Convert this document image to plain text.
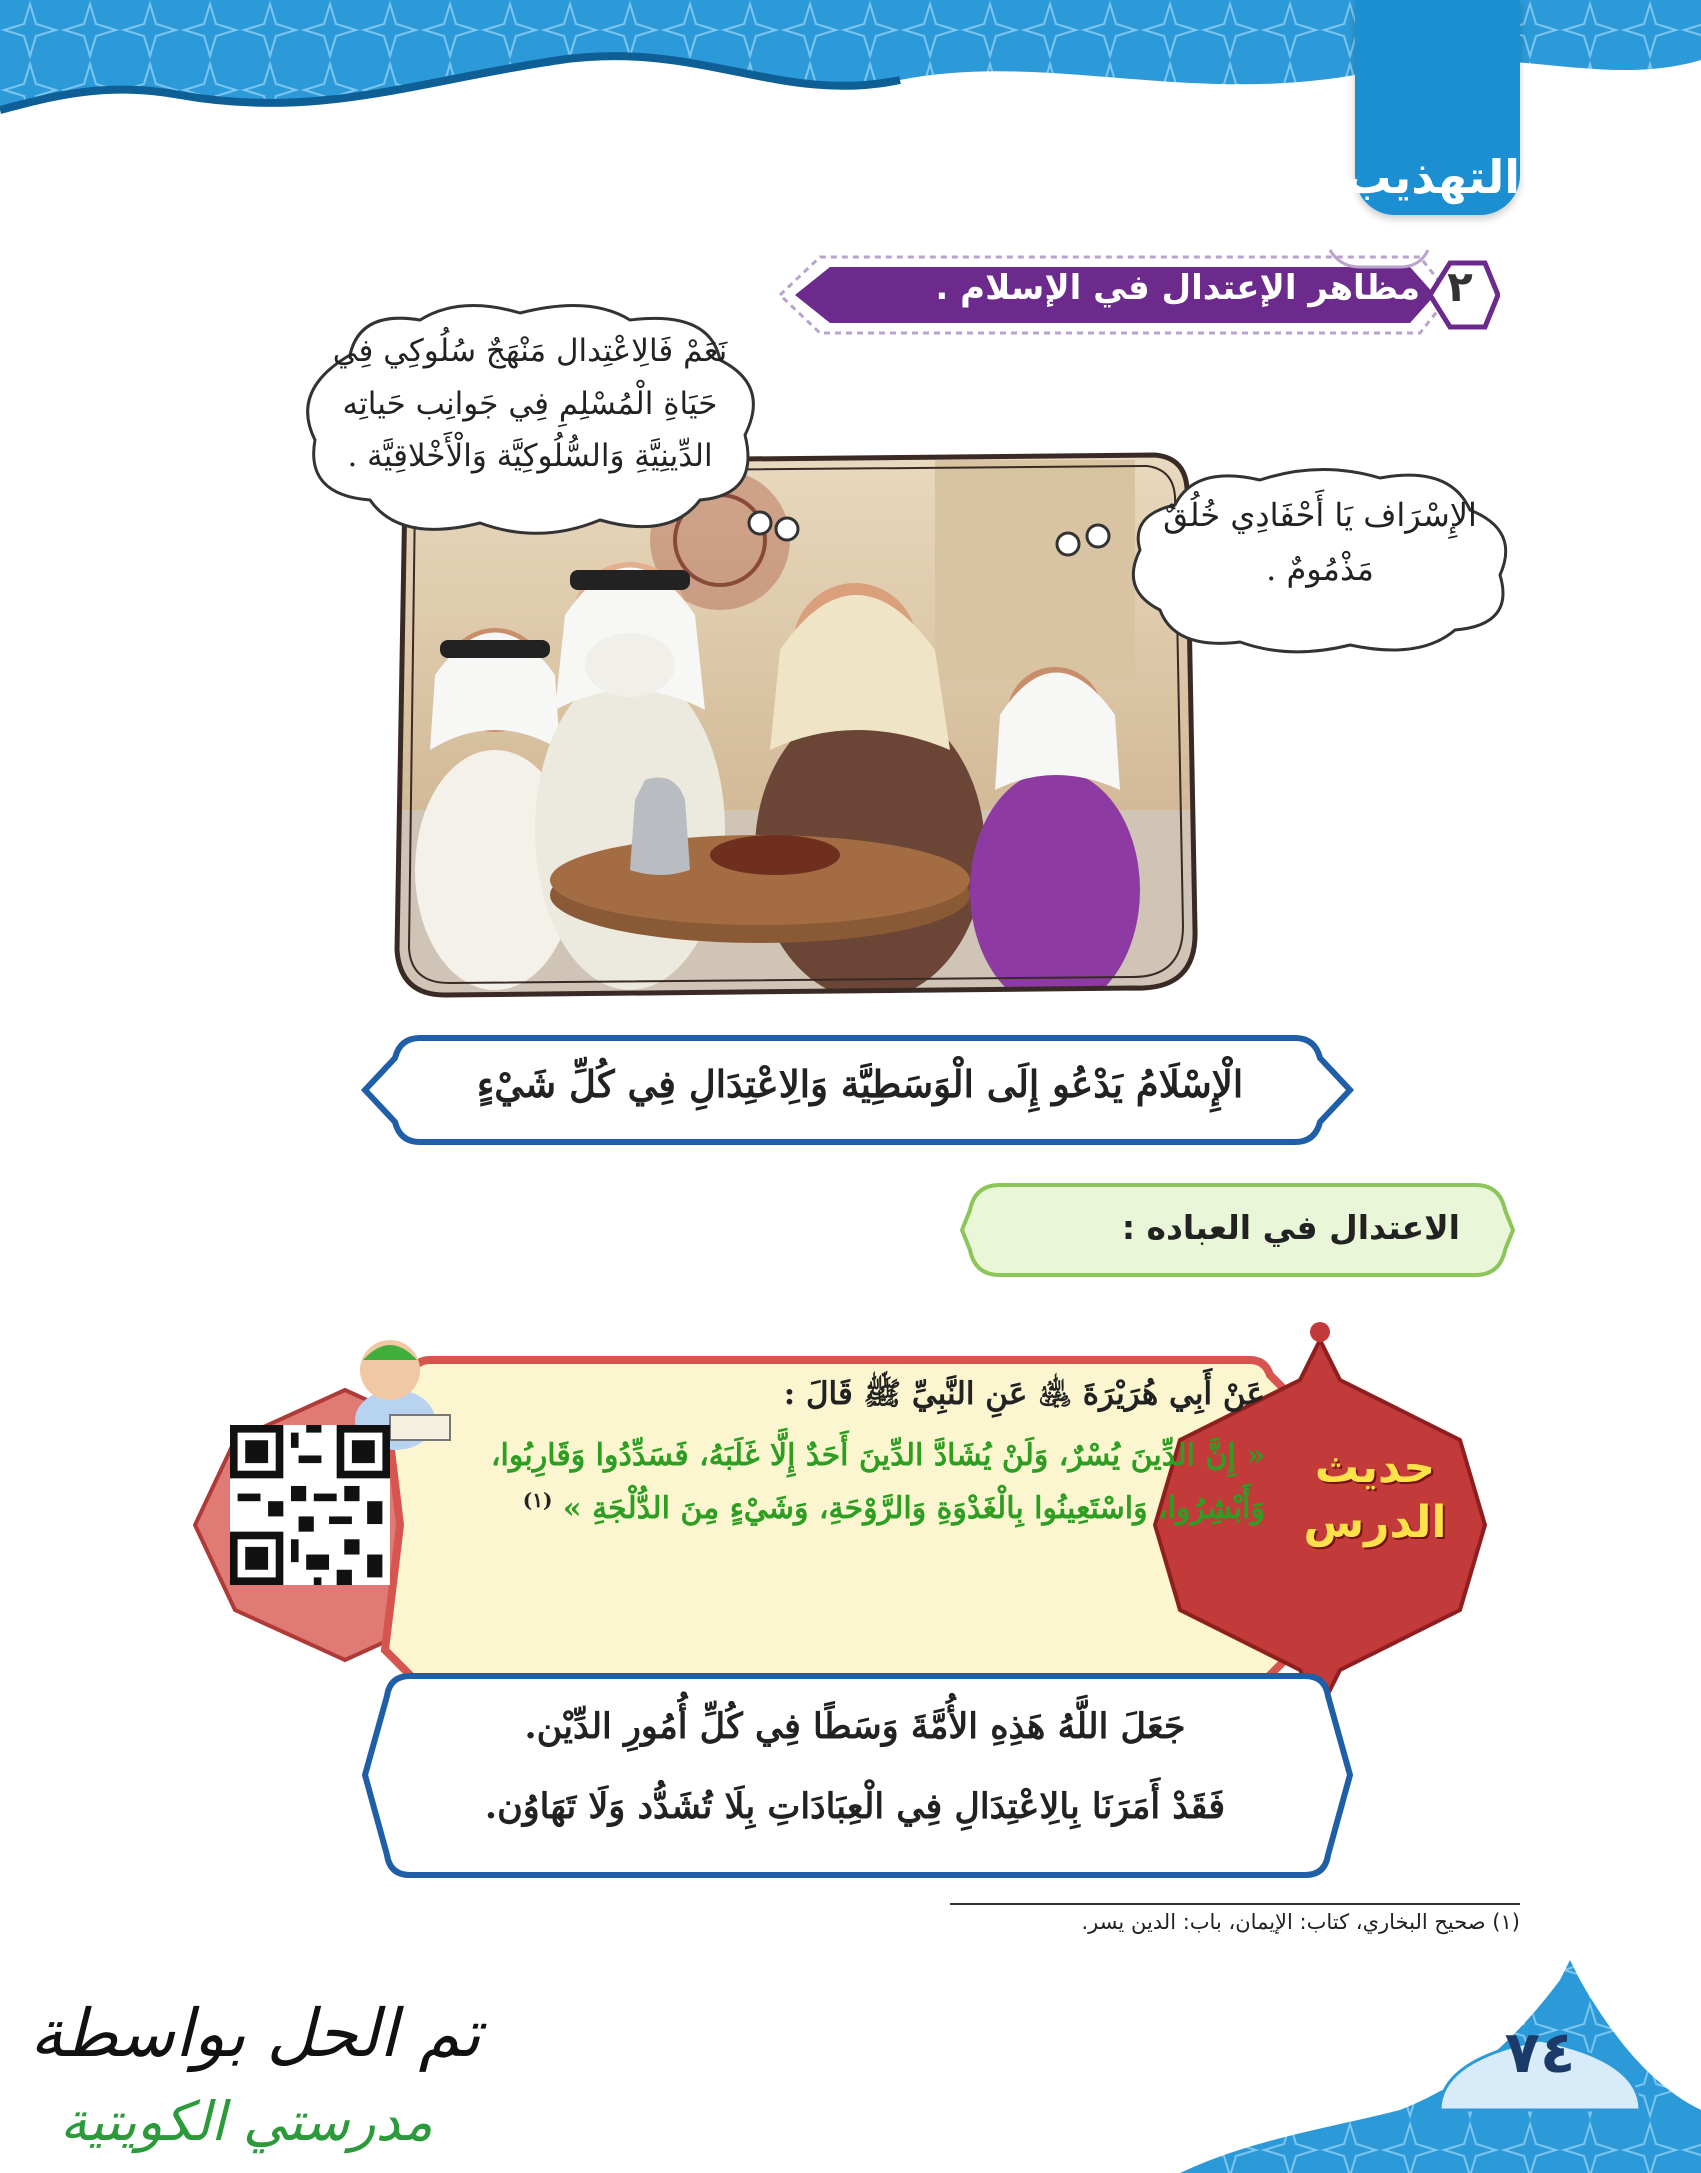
التهذيب
٢
مظاهر الإعتدال في الإسلام .
نَعَمْ فَالِاعْتِدال مَنْهَجٌ سُلُوكِي فِي حَيَاةِ الْمُسْلِمِ فِي جَوانِب حَياتِه الدِّينِيَّةِ وَالسُّلُوكِيَّة وَالْأَخْلاقِيَّة .
الإِسْرَاف يَا أَحْفَادِي خُلُقٌ مَذْمُومٌ .
الْإِسْلَامُ يَدْعُو إِلَى الْوَسَطِيَّة وَالِاعْتِدَالِ فِي كُلِّ شَيْءٍ
الاعتدال في العباده :
حديث
الدرس
عَنْ أَبِي هُرَيْرَةَ ﵁ عَنِ النَّبِيِّ ﷺ قَالَ :
« إِنَّ الدِّينَ يُسْرٌ، وَلَنْ يُشَادَّ الدِّينَ أَحَدٌ إِلَّا غَلَبَهُ، فَسَدِّدُوا وَقَارِبُوا، وَأَبْشِرُوا، وَاسْتَعِينُوا بِالْغَدْوَةِ وَالرَّوْحَةِ، وَشَيْءٍ مِنَ الدُّلْجَةِ » $^{(١)}$
جَعَلَ اللَّهُ هَذِهِ الأُمَّةَ وَسَطًا فِي كُلِّ أُمُورِ الدِّيْن.
فَقَدْ أَمَرَنَا بِالِاعْتِدَالِ فِي الْعِبَادَاتِ بِلَا تُشَدُّد وَلَا تَهَاوُن.
(١) صحيح البخاري، كتاب: الإيمان، باب: الدين يسر.
٧٤
تم الحل بواسطة
مدرستي الكويتية
